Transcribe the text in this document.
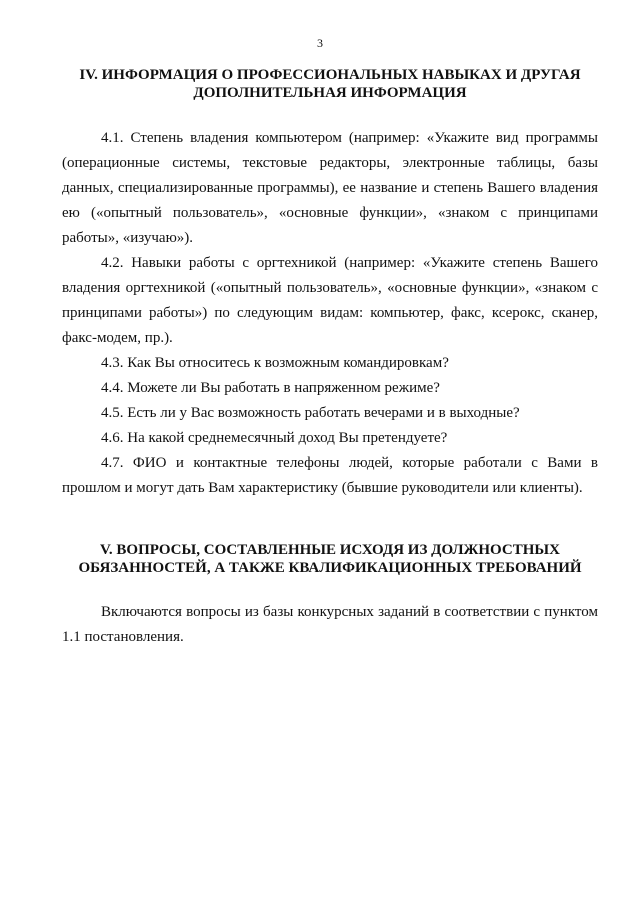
3
IV. ИНФОРМАЦИЯ О ПРОФЕССИОНАЛЬНЫХ НАВЫКАХ И ДРУГАЯ
ДОПОЛНИТЕЛЬНАЯ ИНФОРМАЦИЯ

4.1. Степень владения компьютером (например: «Укажите вид программы (операционные системы, текстовые редакторы, электронные таблицы, базы данных, специализированные программы), ее название и степень Вашего владения ею («опытный пользователь», «основные функции», «знаком с принципами работы», «изучаю»).

4.2. Навыки работы с оргтехникой (например: «Укажите степень Вашего владения оргтехникой («опытный пользователь», «основные функции», «знаком с принципами работы») по следующим видам: компьютер, факс, ксерокс, сканер, факс-модем, пр.).

4.3. Как Вы относитесь к возможным командировкам?

4.4. Можете ли Вы работать в напряженном режиме?

4.5. Есть ли у Вас возможность работать вечерами и в выходные?

4.6. На какой среднемесячный доход Вы претендуете?

4.7. ФИО и контактные телефоны людей, которые работали с Вами в прошлом и могут дать Вам характеристику (бывшие руководители или клиенты).

V. ВОПРОСЫ, СОСТАВЛЕННЫЕ ИСХОДЯ ИЗ ДОЛЖНОСТНЫХ
ОБЯЗАННОСТЕЙ, А ТАКЖЕ КВАЛИФИКАЦИОННЫХ ТРЕБОВАНИЙ

Включаются вопросы из базы конкурсных заданий в соответствии с пунктом 1.1 постановления.
